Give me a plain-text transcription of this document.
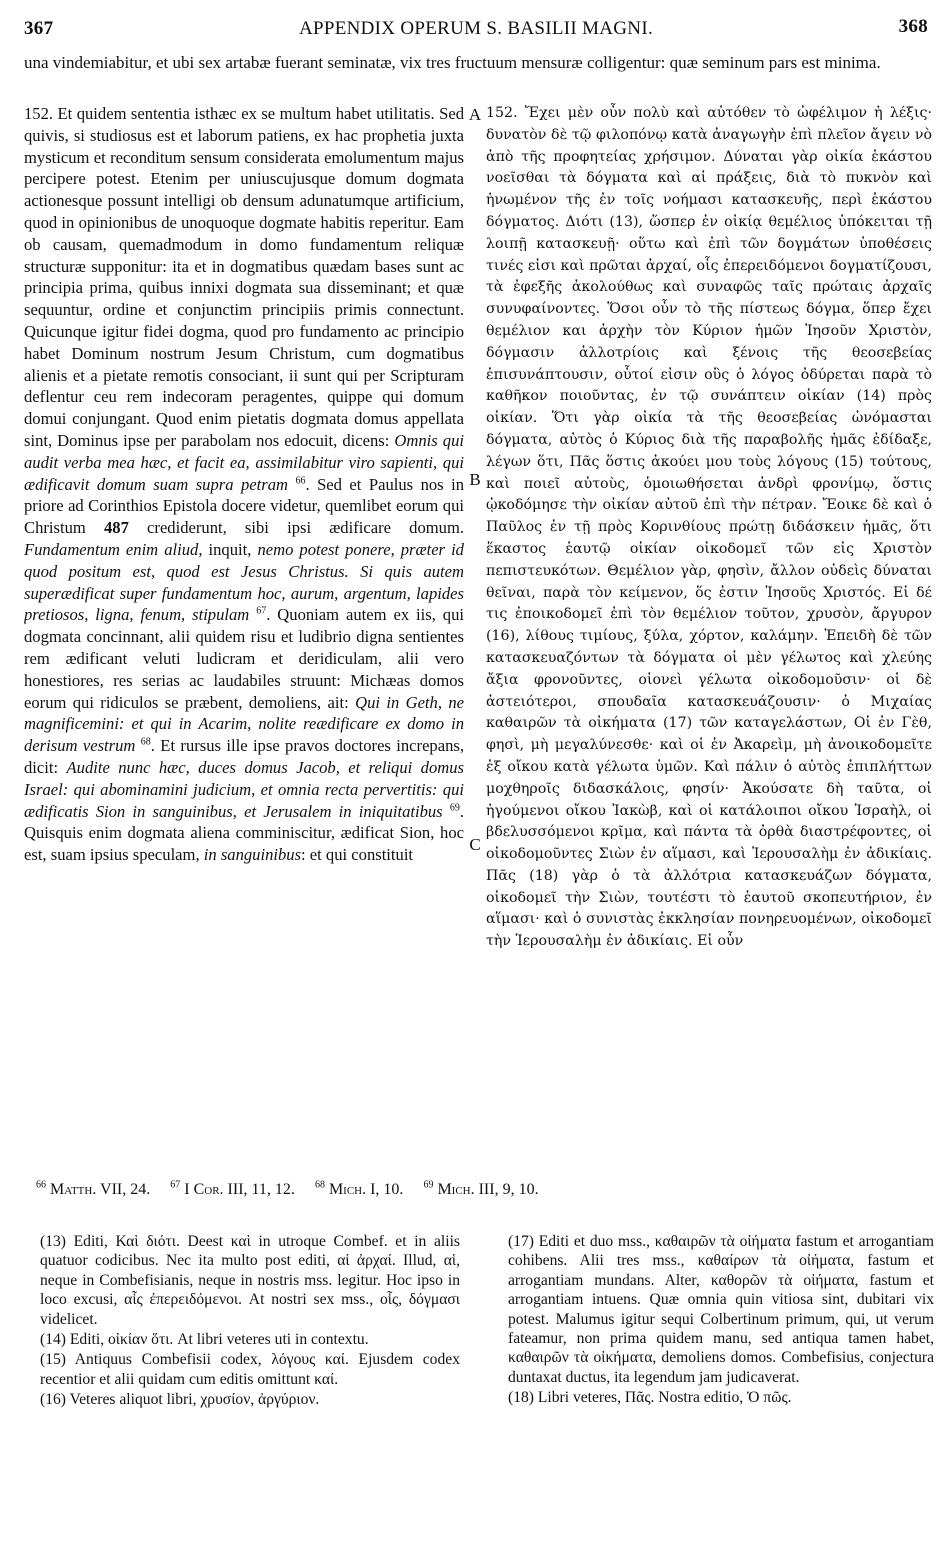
367	APPENDIX OPERUM S. BASILII MAGNI.	368
una vindemiabitur, et ubi sex artabæ fuerant seminatæ, vix tres fructuum mensuræ colligentur: quæ seminum pars est minima.

152. Et quidem sententia isthæc ex se multum habet utilitatis. Sed quivis, si studiosus est et laborum patiens, ex hac prophetia juxta mysticum et reconditum sensum considerata emolumentum majus percipere potest. Etenim per uniuscujusque domum dogmata actionesque possunt intelligi ob densum adunatumque artificium, quod in opinionibus de unoquoque dogmate habitis reperitur. Eam ob causam, quemadmodum in domo fundamentum reliquæ structuræ supponitur: ita et in dogmatibus quædam bases sunt ac principia prima, quibus innixi dogmata sua disseminant; et quæ sequuntur, ordine et conjunctim principiis primis connectunt. Quicunque igitur fidei dogma, quod pro fundamento ac principio habet Dominum nostrum Jesum Christum, cum dogmatibus alienis et a pietate remotis consociant, ii sunt qui per Scripturam deflentur ceu rem indecoram peragentes, quippe qui domum domui conjungant. Quod enim pietatis dogmata domus appellata sint, Dominus ipse per parabolam nos edocuit, dicens: Omnis qui audit verba mea hæc, et facit ea, assimilabitur viro sapienti, qui ædificavit domum suam supra petram $^{66}$. Sed et Paulus nos in priore ad Corinthios Epistola docere videtur, quemlibet eorum qui Christum 487 crediderunt, sibi ipsi ædificare domum. Fundamentum enim aliud, inquit, nemo potest ponere, præter id quod positum est, quod est Jesus Christus. Si quis autem superædificat super fundamentum hoc, aurum, argentum, lapides pretiosos, ligna, fenum, stipulam $^{67}$. Quoniam autem ex iis, qui dogmata concinnant, alii quidem risu et ludibrio digna sentientes rem ædificant veluti ludicram et deridiculam, alii vero honestiores, res serias ac laudabiles struunt: Michæas domos eorum qui ridiculos se præbent, demoliens, ait: Qui in Geth, ne magnificemini: et qui in Acarim, nolite reædificare ex domo in derisum vestrum $^{68}$. Et rursus ille ipse pravos doctores increpans, dicit: Audite nunc hæc, duces domus Jacob, et reliqui domus Israel: qui abominamini judicium, et omnia recta pervertitis: qui ædificatis Sion in sanguinibus, et Jerusalem in iniquitatibus $^{69}$. Quisquis enim dogmata aliena comminiscitur, ædificat Sion, hoc est, suam ipsius speculam, in sanguinibus: et qui constituit

A
B
C

152. Ἔχει μὲν οὖν πολὺ καὶ αὐτόθεν τὸ ὠφέλιμον ἡ λέξις· δυνατὸν δὲ τῷ φιλοπόνῳ κατὰ ἀναγωγὴν ἐπὶ πλεῖον ἄγειν νὸ ἀπὸ τῆς προφητείας χρήσιμον. Δύναται γὰρ οἰκία ἑκάστου νοεῖσθαι τὰ δόγματα καὶ αἱ πράξεις, διὰ τὸ πυκνὸν καὶ ἡνωμένον τῆς ἐν τοῖς νοήμασι κατασκευῆς, περὶ ἑκάστου δόγματος. Διότι (13), ὥσπερ ἐν οἰκίᾳ θεμέλιος ὑπόκειται τῇ λοιπῇ κατασκευῇ· οὕτω καὶ ἐπὶ τῶν δογμάτων ὑποθέσεις τινές εἰσι καὶ πρῶται ἀρχαί, οἷς ἐπερειδόμενοι δογματίζουσι, τὰ ἐφεξῆς ἀκολούθως καὶ συναφῶς ταῖς πρώταις ἀρχαῖς συνυφαίνοντες. Ὅσοι οὖν τὸ τῆς πίστεως δόγμα, ὅπερ ἔχει θεμέλιον και ἀρχὴν τὸν Κύριον ἡμῶν Ἰησοῦν Χριστὸν, δόγμασιν ἀλλοτρίοις καὶ ξένοις τῆς θεοσεβείας ἐπισυνάπτουσιν, οὗτοί εἰσιν οὓς ὁ λόγος ὀδύρεται παρὰ τὸ καθῆκον ποιοῦντας, ἐν τῷ συνάπτειν οἰκίαν (14) πρὸς οἰκίαν. Ὅτι γὰρ οἰκία τὰ τῆς θεοσεβείας ὠνόμασται δόγματα, αὐτὸς ὁ Κύριος διὰ τῆς παραβολῆς ἡμᾶς ἐδίδαξε, λέγων ὅτι, Πᾶς ὅστις ἀκούει μου τοὺς λόγους (15) τούτους, καὶ ποιεῖ αὐτοὺς, ὁμοιωθήσεται ἀνδρὶ φρονίμῳ, ὅστις ᾠκοδόμησε τὴν οἰκίαν αὐτοῦ ἐπὶ τὴν πέτραν. Ἔοικε δὲ καὶ ὁ Παῦλος ἐν τῇ πρὸς Κορινθίους πρώτῃ διδάσκειν ἡμᾶς, ὅτι ἕκαστος ἑαυτῷ οἰκίαν οἰκοδομεῖ τῶν εἰς Χριστὸν πεπιστευκότων. Θεμέλιον γὰρ, φησὶν, ἄλλον οὐδεὶς δύναται θεῖναι, παρὰ τὸν κείμενον, ὅς ἐστιν Ἰησοῦς Χριστός. Εἰ δέ τις ἐποικοδομεῖ ἐπὶ τὸν θεμέλιον τοῦτον, χρυσὸν, ἄργυρον (16), λίθους τιμίους, ξύλα, χόρτον, καλάμην. Ἐπειδὴ δὲ τῶν κατασκευαζόντων τὰ δόγματα οἱ μὲν γέλωτος καὶ χλεύης ἄξια φρονοῦντες, οἱονεὶ γέλωτα οἰκοδομοῦσιν· οἱ δὲ ἀστειότεροι, σπουδαῖα κατασκευάζουσιν· ὁ Μιχαίας καθαιρῶν τὰ οἰκήματα (17) τῶν καταγελάστων, Οἱ ἐν Γὲθ, φησὶ, μὴ μεγαλύνεσθε· καὶ οἱ ἐν Ἀκαρεὶμ, μὴ ἀνοικοδομεῖτε ἐξ οἴκου κατὰ γέλωτα ὑμῶν. Καὶ πάλιν ὁ αὐτὸς ἐπιπλήττων μοχθηροῖς διδασκάλοις, φησίν· Ἀκούσατε δὴ ταῦτα, οἱ ἡγούμενοι οἴκου Ἰακὼβ, καὶ οἱ κατάλοιποι οἴκου Ἰσραὴλ, οἱ βδελυσσόμενοι κρῖμα, καὶ πάντα τὰ ὀρθὰ διαστρέφοντες, οἱ οἰκοδομοῦντες Σιὼν ἐν αἵμασι, καὶ Ἱερουσαλὴμ ἐν ἀδικίαις. Πᾶς (18) γὰρ ὁ τὰ ἀλλότρια κατασκευάζων δόγματα, οἰκοδομεῖ τὴν Σιὼν, τουτέστι τὸ ἑαυτοῦ σκοπευτήριον, ἐν αἵμασι· καὶ ὁ συνιστὰς ἐκκλησίαν πονηρευομένων, οἰκοδομεῖ τὴν Ἱερουσαλὴμ ἐν ἀδικίαις. Εἰ οὖν

$^{66}$ Matth. VII, 24. $^{67}$ I Cor. III, 11, 12. $^{68}$ Mich. I, 10. $^{69}$ Mich. III, 9, 10.

(13) Editi, Καὶ διότι. Deest καὶ in utroque Combef. et in aliis quatuor codicibus. Nec ita multo post editi, αἱ ἀρχαί. Illud, αἱ, neque in Combefisianis, neque in nostris mss. legitur. Hoc ipso in loco excusi, αἷς ἐπερειδόμενοι. At nostri sex mss., οἷς, δόγμασι videlicet.

(14) Editi, οἰκίαν ὅτι. At libri veteres uti in contextu.

(15) Antiquus Combefisii codex, λόγους καί. Ejusdem codex recentior et alii quidam cum editis omittunt καί.

(16) Veteres aliquot libri, χρυσίον, ἀργύριον.

(17) Editi et duo mss., καθαιρῶν τὰ οἰήματα fastum et arrogantiam cohibens. Alii tres mss., καθαίρων τὰ οἰήματα, fastum et arrogantiam mundans. Alter, καθορῶν τὰ οἰήματα, fastum et arrogantiam intuens. Quæ omnia quin vitiosa sint, dubitari vix potest. Malumus igitur sequi Colbertinum primum, qui, ut verum fateamur, non prima quidem manu, sed antiqua tamen habet, καθαιρῶν τὰ οἰκήματα, demoliens domos. Combefisius, conjectura duntaxat ductus, ita legendum jam judicaverat.

(18) Libri veteres, Πᾶς. Nostra editio, Ὁ πῶς.
